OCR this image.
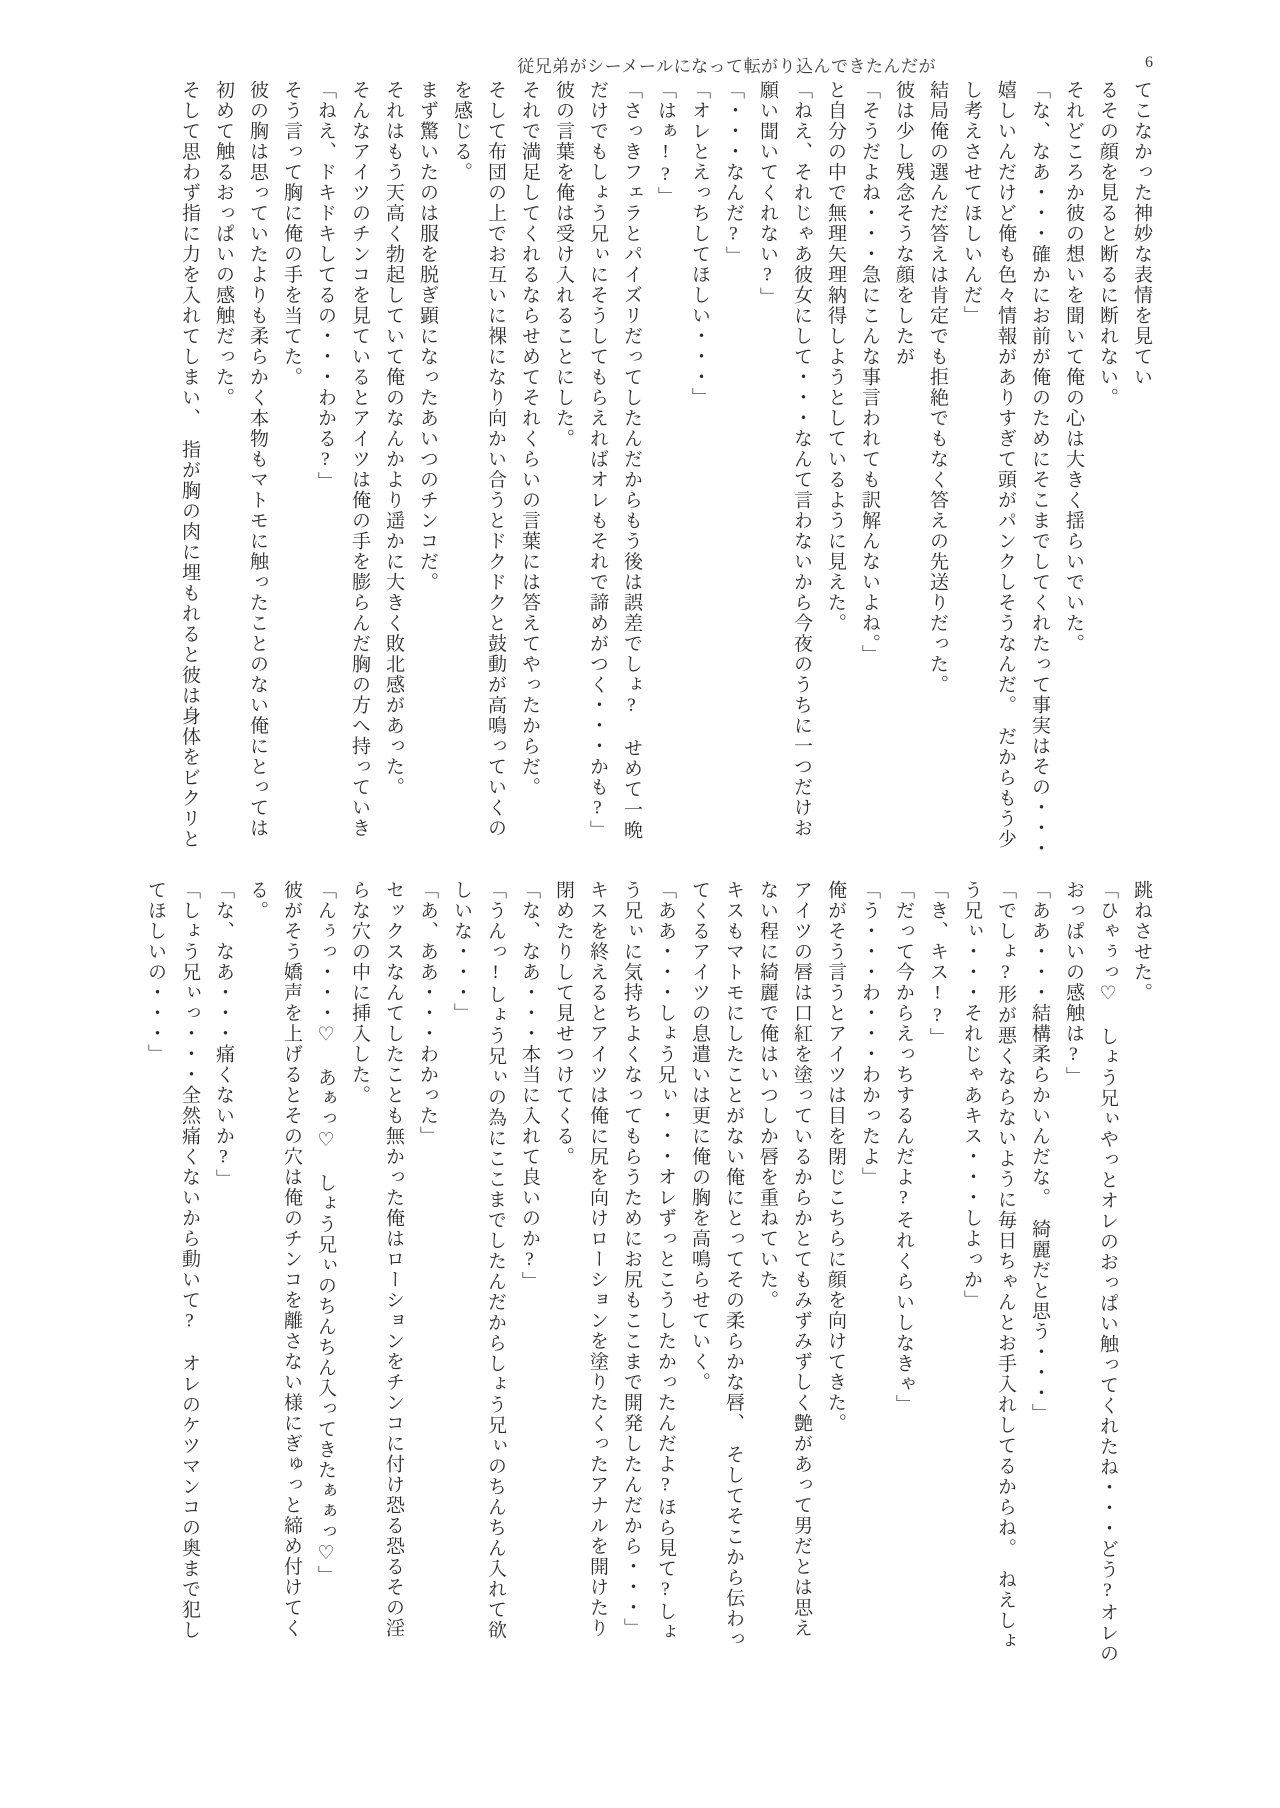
従兄弟がシーメールになって転がり込んできたんだが	6

てこなかった神妙な表情を見てい

るその顔を見ると断るに断れない。

それどころか彼の想いを聞いて俺の心は大きく揺らいでいた。

「な、なあ・・・確かにお前が俺のためにそこまでしてくれたって事実はその・・・

嬉しいんだけど俺も色々情報がありすぎて頭がパンクしそうなんだ。　だからもう少

し考えさせてほしいんだ」

結局俺の選んだ答えは肯定でも拒絶でもなく答えの先送りだった。

彼は少し残念そうな顔をしたが

「そうだよね・・・急にこんな事言われても訳解んないよね。」

と自分の中で無理矢理納得しようとしているように見えた。

「ねえ、それじゃあ彼女にして・・・なんて言わないから今夜のうちに一つだけお

願い聞いてくれない?」

「・・・なんだ?」

「オレとえっちしてほしい・・・」

「はぁ!?」

「さっきフェラとパイズリだってしたんだからもう後は誤差でしょ?　せめて一晩

だけでもしょう兄ぃにそうしてもらえればオレもそれで諦めがつく・・・かも?」

彼の言葉を俺は受け入れることにした。

それで満足してくれるならせめてそれくらいの言葉には答えてやったからだ。

そして布団の上でお互いに裸になり向かい合うとドクドクと鼓動が高鳴っていくの

を感じる。

まず驚いたのは服を脱ぎ顕になったあいつのチンコだ。

それはもう天高く勃起していて俺のなんかより遥かに大きく敗北感があった。

そんなアイツのチンコを見ているとアイツは俺の手を膨らんだ胸の方へ持っていき

「ねえ、ドキドキしてるの・・・わかる?」

そう言って胸に俺の手を当てた。

彼の胸は思っていたよりも柔らかく本物もマトモに触ったことのない俺にとっては

初めて触るおっぱいの感触だった。

そして思わず指に力を入れてしまい、　指が胸の肉に埋もれると彼は身体をビクリと

跳ねさせた。

「ひゃぅっ♡　しょう兄ぃやっとオレのおっぱい触ってくれたね・・・どう?オレの

おっぱいの感触は?」

「ああ・・・結構柔らかいんだな。　綺麗だと思う・・・」

「でしょ?形が悪くならないように毎日ちゃんとお手入れしてるからね。　ねえしょ

う兄ぃ・・・それじゃあキス・・・しよっか」

「き、キス!?」

「だって今からえっちするんだよ?それくらいしなきゃ」

「う・・・わ・・・わかったよ」

俺がそう言うとアイツは目を閉じこちらに顔を向けてきた。

アイツの唇は口紅を塗っているからかとてもみずみずしく艶があって男だとは思え

ない程に綺麗で俺はいつしか唇を重ねていた。

キスもマトモにしたことがない俺にとってその柔らかな唇、　そしてそこから伝わっ

てくるアイツの息遣いは更に俺の胸を高鳴らせていく。

「ああ・・・しょう兄ぃ・・・オレずっとこうしたかったんだよ?ほら見て?しょ

う兄ぃに気持ちよくなってもらうためにお尻もここまで開発したんだから・・・」

キスを終えるとアイツは俺に尻を向けローションを塗りたくったアナルを開けたり

閉めたりして見せつけてくる。

「な、なあ・・・本当に入れて良いのか?」

「うんっ!しょう兄ぃの為にここまでしたんだからしょう兄ぃのちんちん入れて欲

しいな・・・」

「あ、ああ・・・わかった」

セックスなんてしたことも無かった俺はローションをチンコに付け恐る恐るその淫

らな穴の中に挿入した。

「んぅっ・・・♡　あぁっ♡　しょう兄ぃのちんちん入ってきたぁぁっ♡」

彼がそう嬌声を上げるとその穴は俺のチンコを離さない様にぎゅっと締め付けてく

る。

「な、なあ・・・痛くないか?」

「しょう兄ぃっ・・・全然痛くないから動いて?　オレのケツマンコの奥まで犯し

てほしいの・・・」
